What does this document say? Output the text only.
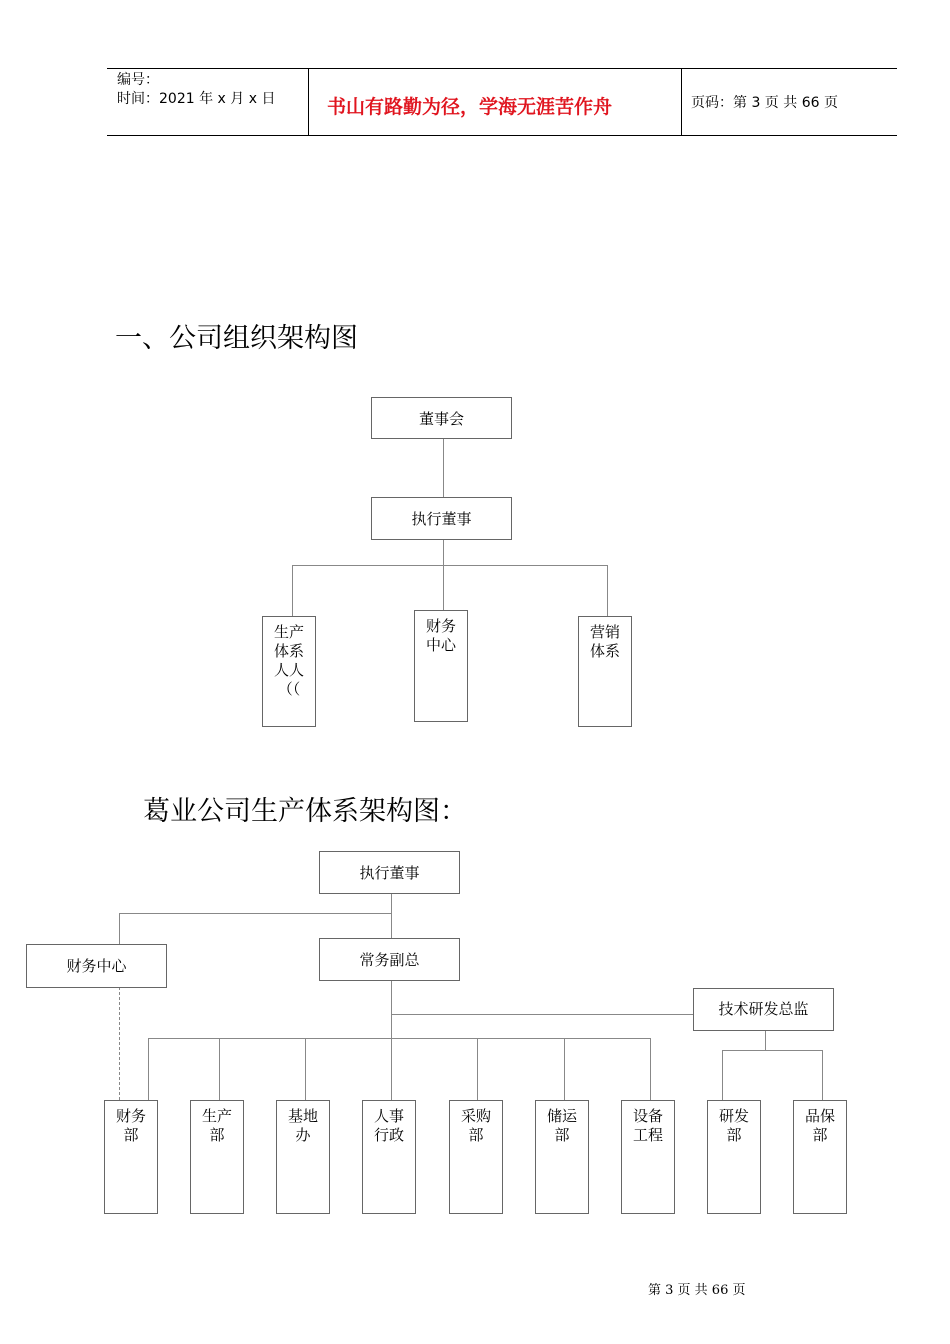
编号：
时间：2021 年 x 月 x 日	书山有路勤为径，学海无涯苦作舟	页码：第 3 页 共 66 页
一、公司组织架构图
董事会
执行董事
生产体系人人（（
财务中心
营销体系
葛业公司生产体系架构图：
执行董事
财务中心	常务副总
技术研发总监
财务部
生产部
基地办
人事行政
采购部
储运部
设备工程
研发部
品保部
第 3 页 共 66 页
